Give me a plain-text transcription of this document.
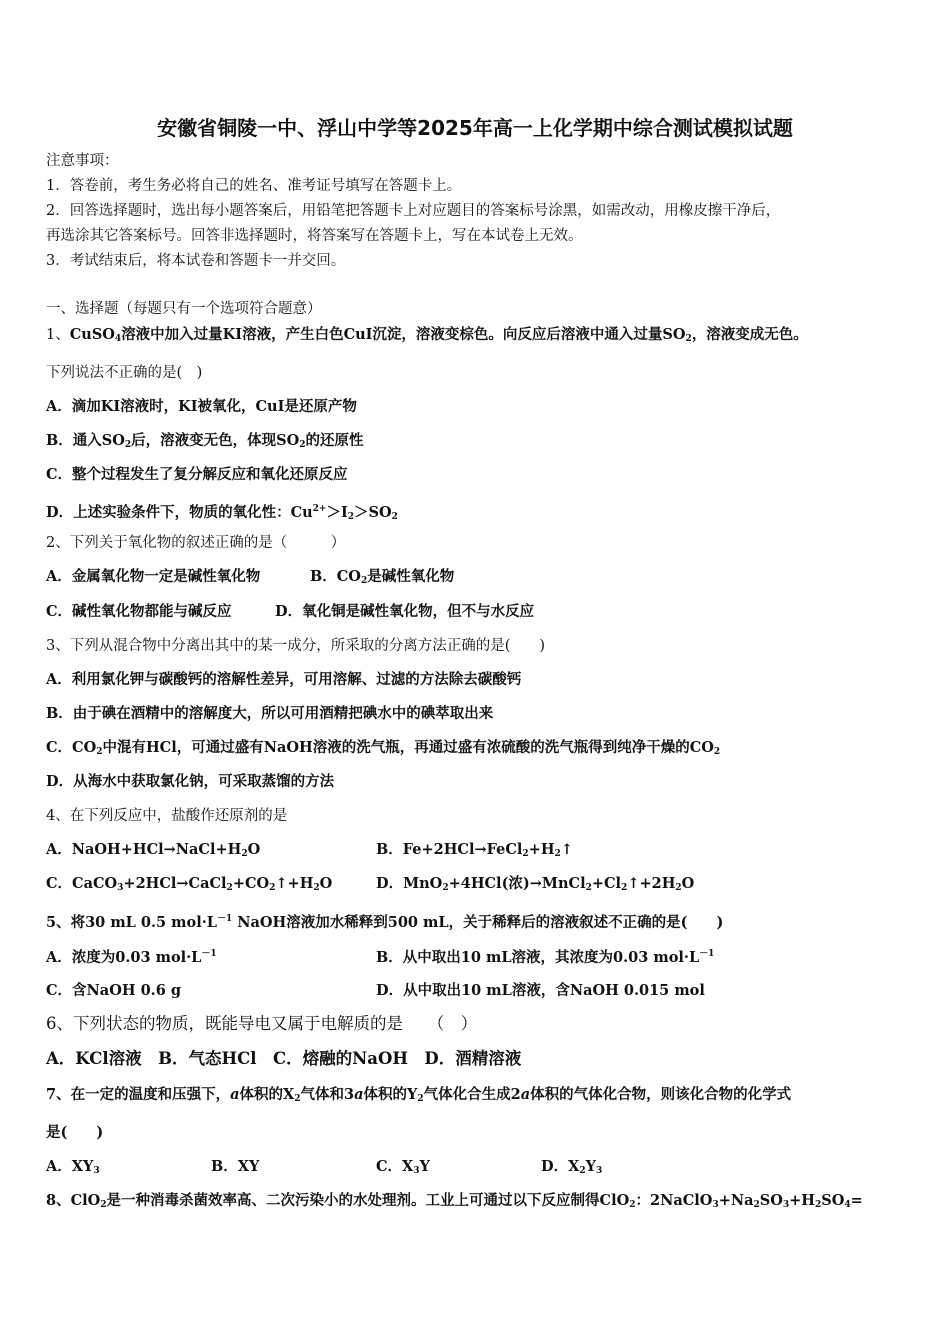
安徽省铜陵一中、浮山中学等2025年高一上化学期中综合测试模拟试题
注意事项：
1．答卷前，考生务必将自己的姓名、准考证号填写在答题卡上。
2．回答选择题时，选出每小题答案后，用铅笔把答题卡上对应题目的答案标号涂黑，如需改动，用橡皮擦干净后，
再选涂其它答案标号。回答非选择题时，将答案写在答题卡上，写在本试卷上无效。
3．考试结束后，将本试卷和答题卡一并交回。
一、选择题（每题只有一个选项符合题意）
1、CuSO$_4$溶液中加入过量KI溶液，产生白色CuI沉淀，溶液变棕色。向反应后溶液中通入过量$SO_2$，溶液变成无色。
下列说法不正确的是(　)
A．滴加KI溶液时，KI被氧化，CuI是还原产物
B．通入$SO_2$后，溶液变无色，体现$SO_2$的还原性
C．整个过程发生了复分解反应和氧化还原反应
D．上述实验条件下，物质的氧化性：$Cu^{2+}>I_2>SO_2$
2、下列关于氧化物的叙述正确的是（　　　）
A．金属氧化物一定是碱性氧化物	B．$CO_2$是碱性氧化物
C．碱性氧化物都能与碱反应	D．氧化铜是碱性氧化物，但不与水反应
3、下列从混合物中分离出其中的某一成分，所采取的分离方法正确的是(　　)
A．利用氯化钾与碳酸钙的溶解性差异，可用溶解、过滤的方法除去碳酸钙
B．由于碘在酒精中的溶解度大，所以可用酒精把碘水中的碘萃取出来
C．$CO_2$中混有HCl，可通过盛有NaOH溶液的洗气瓶，再通过盛有浓硫酸的洗气瓶得到纯净干燥的$CO_2$
D．从海水中获取氯化钠，可采取蒸馏的方法
4、在下列反应中，盐酸作还原剂的是
A．$NaOH+HCl\to NaCl+H_2O$	B．$Fe+2HCl\to FeCl_2+H_2↑$
C．$CaCO_3+2HCl\to CaCl_2+CO_2↑+H_2O$	D．MnO$_2$+4HCl(浓)$\to MnCl_2+Cl_2↑+2H_2O$
5、将30 mL 0.5 $mol\cdot L^{-1}$ NaOH溶液加水稀释到500 mL，关于稀释后的溶液叙述不正确的是(　　)
A．浓度为0.03 $mol\cdot L^{-1}$	B．从中取出10 mL溶液，其浓度为0.03 $mol\cdot L^{-1}$
C．含NaOH 0.6 g	D．从中取出10 mL溶液，含NaOH 0.015 mol
6、下列状态的物质，既能导电又属于电解质的是　　（　）
A．KCl溶液　B．气态HCl　C．熔融的NaOH　D．酒精溶液
7、在一定的温度和压强下，a体积的$X_2$气体和3a体积的$Y_2$气体化合生成2a体积的气体化合物，则该化合物的化学式
是(　　)
A．$XY_3$	B．XY	C．$X_3Y$	D．$X_2Y_3$
8、ClO$_2$是一种消毒杀菌效率高、二次污染小的水处理剂。工业上可通过以下反应制得ClO$_2$：$2NaClO_3+Na_2SO_3+H_2SO_4=$
